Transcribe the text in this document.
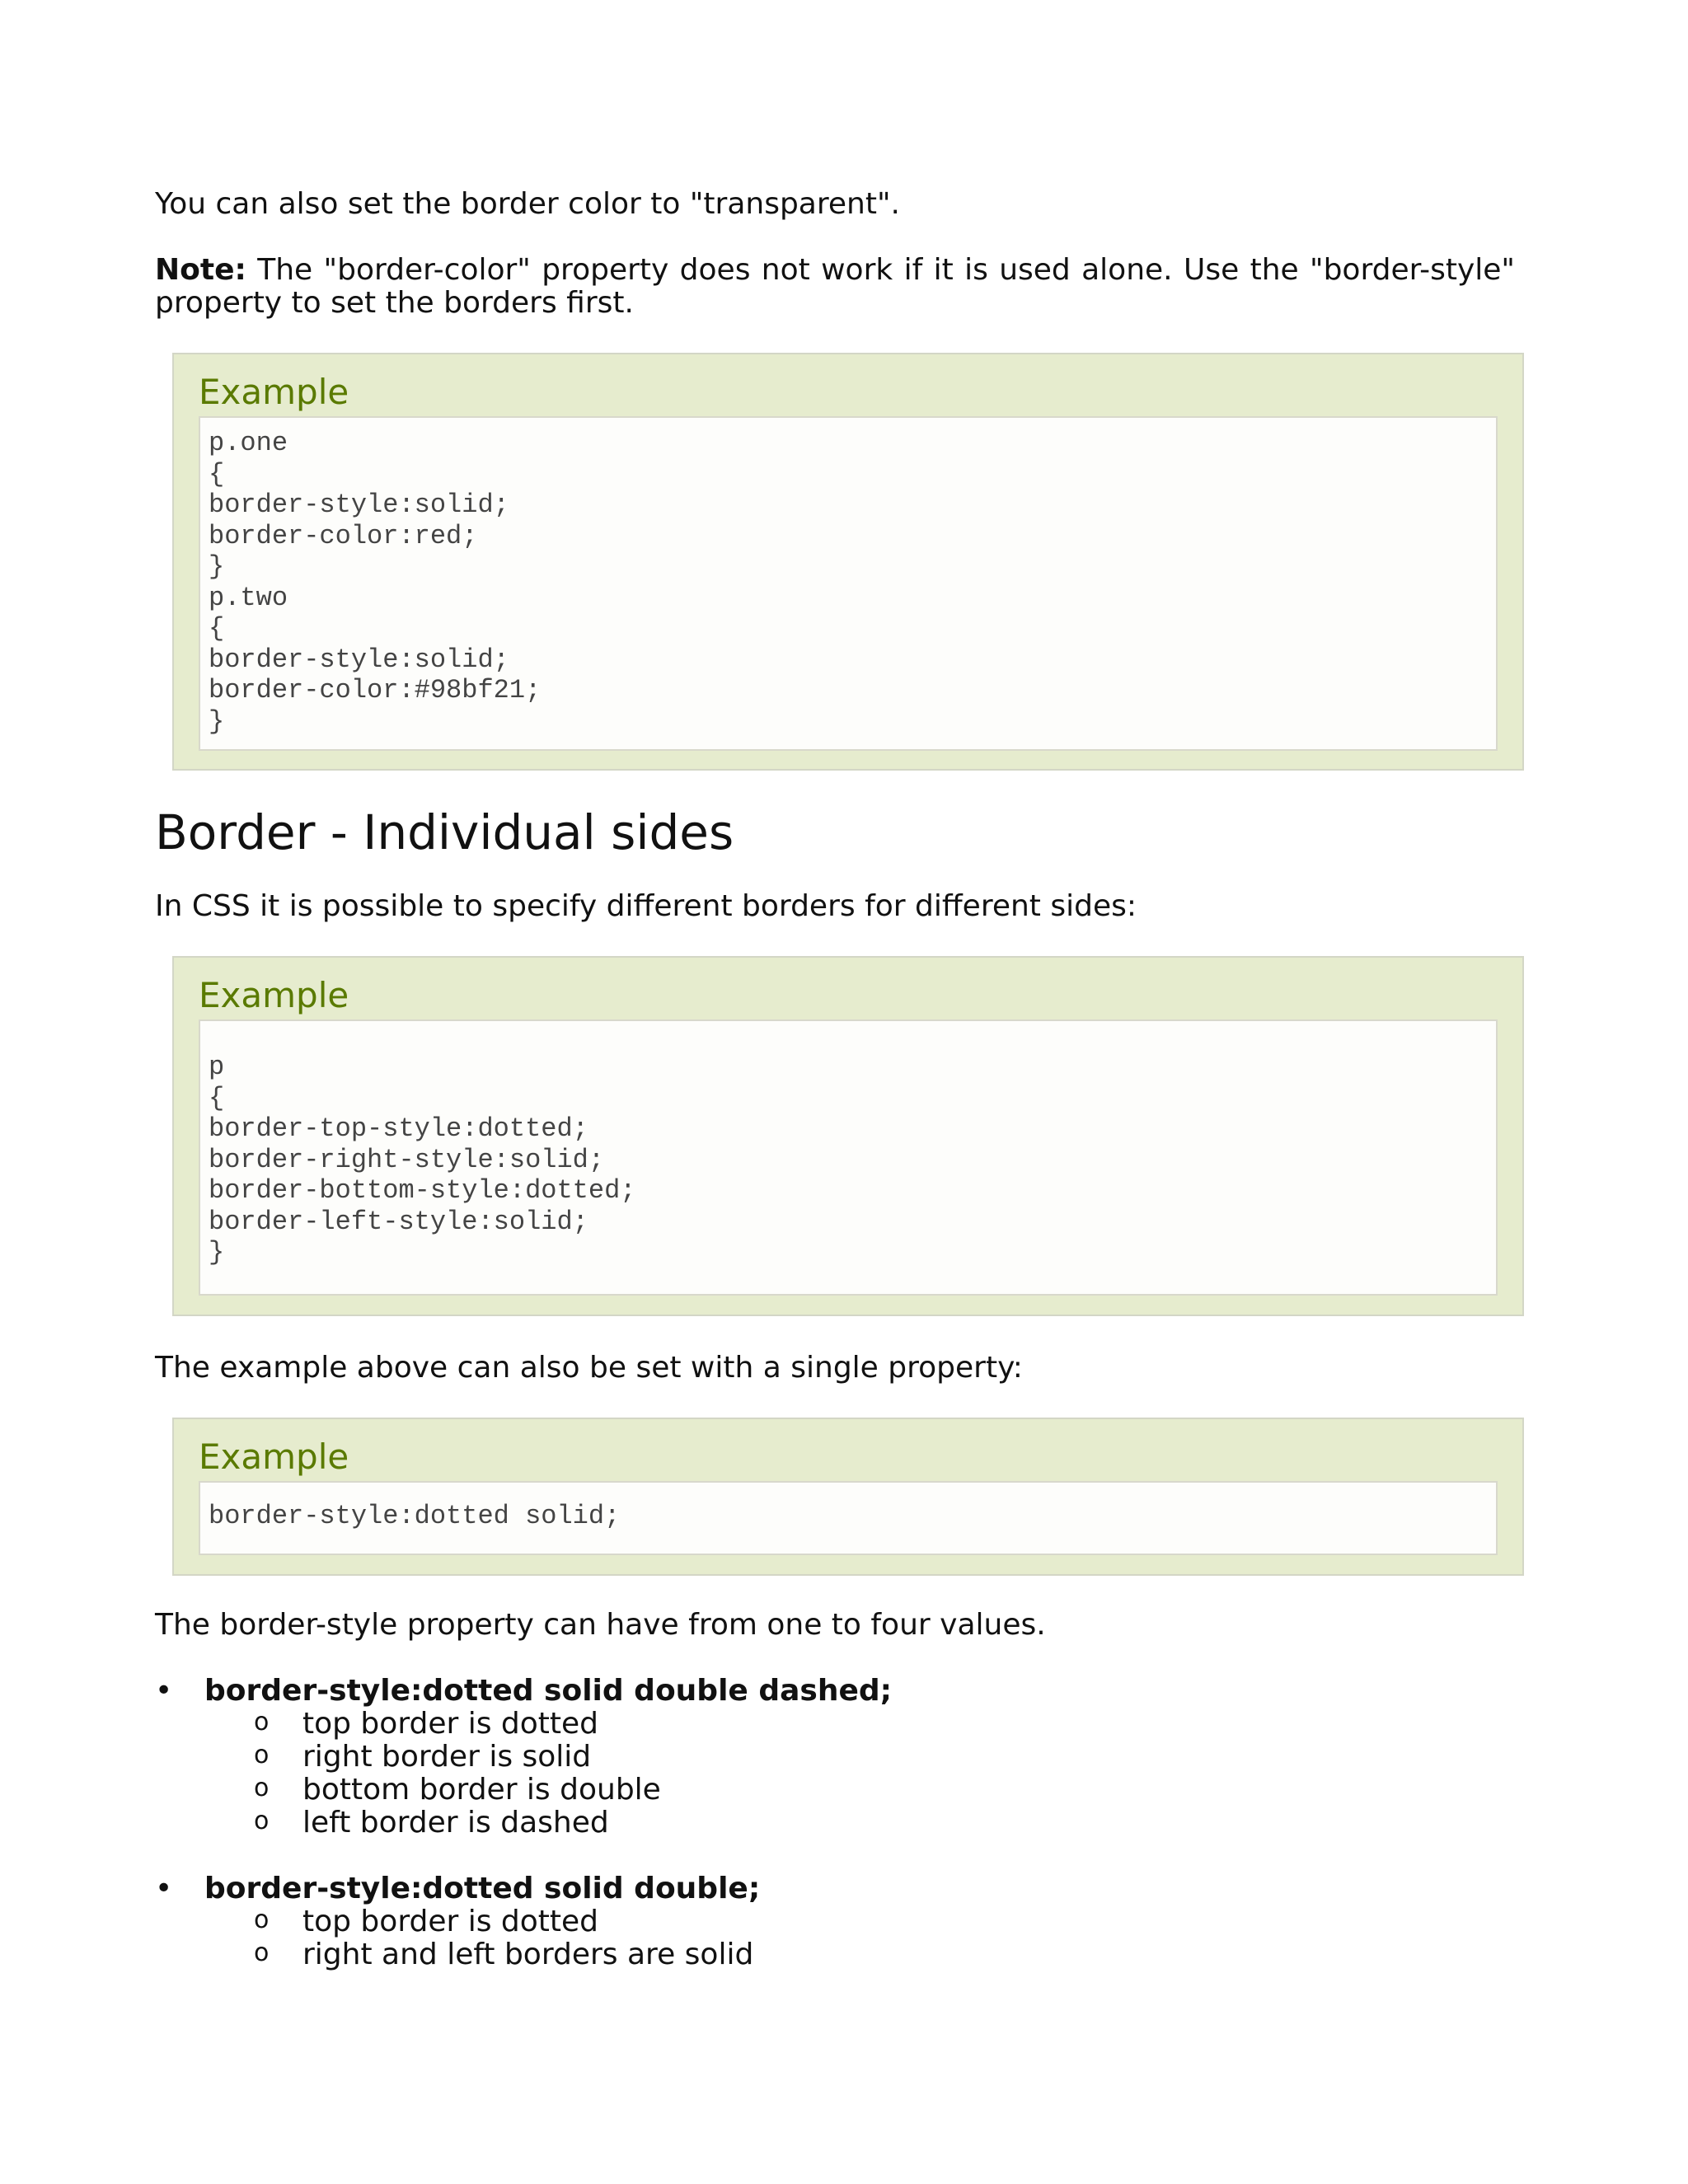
You can also set the border color to "transparent".
Note: The "border-color" property does not work if it is used alone. Use the "border-style" property to set the borders first.
Example
p.one
{
border-style:solid;
border-color:red;
}
p.two
{
border-style:solid;
border-color:#98bf21;
}
Border - Individual sides
In CSS it is possible to specify different borders for different sides:
Example
p
{
border-top-style:dotted;
border-right-style:solid;
border-bottom-style:dotted;
border-left-style:solid;
}
The example above can also be set with a single property:
Example
border-style:dotted solid;
The border-style property can have from one to four values.
• border-style:dotted solid double dashed;
o top border is dotted
o right border is solid
o bottom border is double
o left border is dashed
• border-style:dotted solid double;
o top border is dotted
o right and left borders are solid
